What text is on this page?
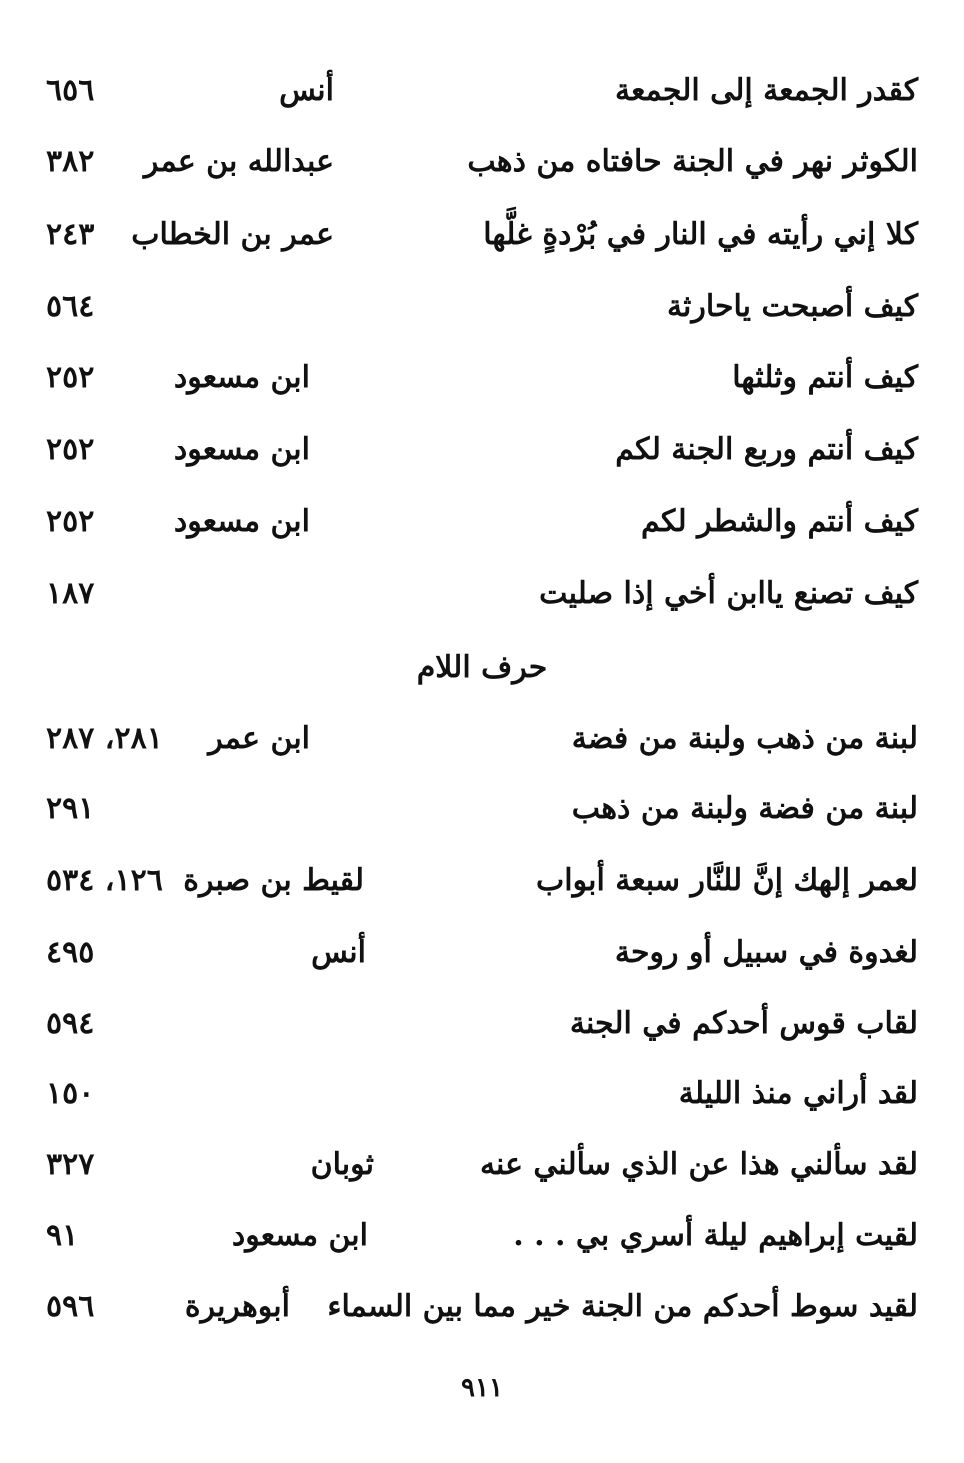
كقدر الجمعة إلى الجمعة
أنس
٦٥٦
الكوثر نهر في الجنة حافتاه من ذهب
عبدالله بن عمر
٣٨٢
كلا إني رأيته في النار في بُرْدةٍ غلَّها
عمر بن الخطاب
٢٤٣
كيف أصبحت ياحارثة
٥٦٤
كيف أنتم وثلثها
ابن مسعود
٢٥٢
كيف أنتم وربع الجنة لكم
ابن مسعود
٢٥٢
كيف أنتم والشطر لكم
ابن مسعود
٢٥٢
كيف تصنع ياابن أخي إذا صليت
١٨٧
حرف اللام
لبنة من ذهب ولبنة من فضة
ابن عمر
٢٨١، ٢٨٧
لبنة من فضة ولبنة من ذهب
٢٩١
لعمر إلهك إنَّ للنَّار سبعة أبواب
لقيط بن صبرة
١٢٦، ٥٣٤
لغدوة في سبيل أو روحة
أنس
٤٩٥
لقاب قوس أحدكم في الجنة
٥٩٤
لقد أراني منذ الليلة
١٥٠
لقد سألني هذا عن الذي سألني عنه
ثوبان
٣٢٧
لقيت إبراهيم ليلة أسري بي . . .
ابن مسعود
٩١
لقيد سوط أحدكم من الجنة خير مما بين السماء
أبوهريرة
٥٩٦
٩١١
